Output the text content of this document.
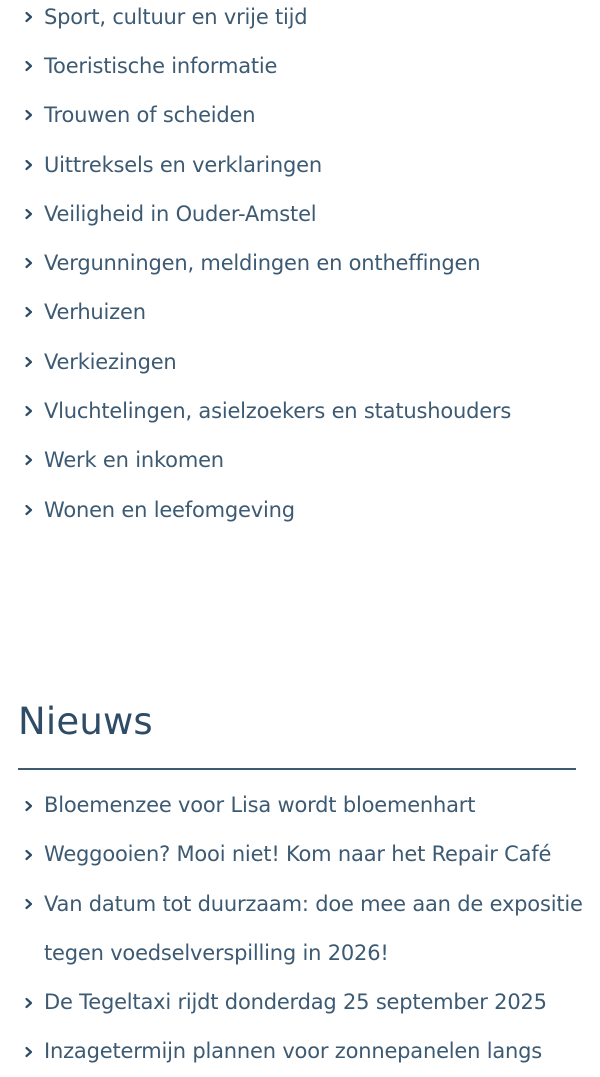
Sport, cultuur en vrije tijd
Toeristische informatie
Trouwen of scheiden
Uittreksels en verklaringen
Veiligheid in Ouder-Amstel
Vergunningen, meldingen en ontheffingen
Verhuizen
Verkiezingen
Vluchtelingen, asielzoekers en statushouders
Werk en inkomen
Wonen en leefomgeving
Nieuws
Bloemenzee voor Lisa wordt bloemenhart
Weggooien? Mooi niet! Kom naar het Repair Café
Van datum tot duurzaam: doe mee aan de expositie tegen voedselverspilling in 2026!
De Tegeltaxi rijdt donderdag 25 september 2025
Inzagetermijn plannen voor zonnepanelen langs
